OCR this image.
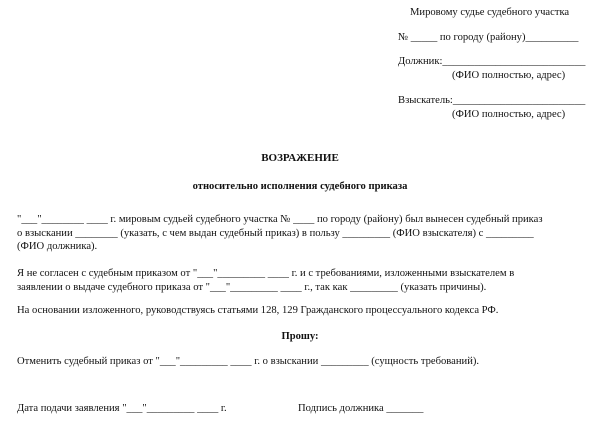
Мировому судье судебного участка
№ _____ по городу (району)__________
Должник:___________________________
(ФИО полностью, адрес)
Взыскатель:_________________________
(ФИО полностью, адрес)
ВОЗРАЖЕНИЕ
относительно исполнения судебного приказа
"___"________ ____ г. мировым судьей судебного участка № ____ по городу (району) был вынесен судебный приказ
о взыскании ________ (указать, с чем выдан судебный приказ) в пользу _________ (ФИО взыскателя) с _________
(ФИО должника).
Я не согласен с судебным приказом от "___"_________ ____ г. и с требованиями, изложенными взыскателем в
заявлении о выдаче судебного приказа от "___"_________ ____ г., так как _________ (указать причины).
На основании изложенного, руководствуясь статьями 128, 129 Гражданского процессуального кодекса РФ.
Прошу:
Отменить судебный приказ от "___"_________ ____ г. о взыскании _________ (сущность требований).
Дата подачи заявления "___"_________ ____ г.	Подпись должника _______
